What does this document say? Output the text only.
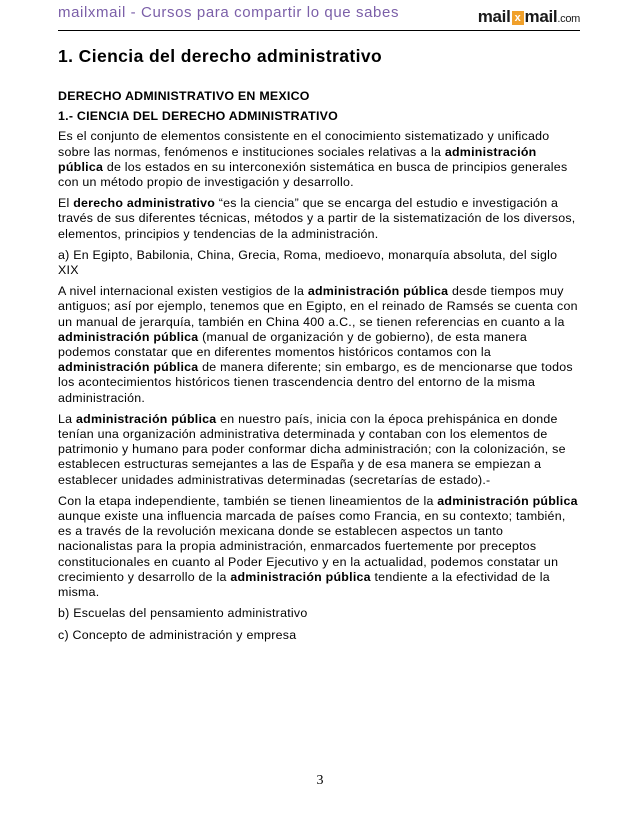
mailxmail - Cursos para compartir lo que sabes	mail x mail.com
1. Ciencia del derecho administrativo

DERECHO ADMINISTRATIVO EN MEXICO

1.- CIENCIA DEL DERECHO ADMINISTRATIVO

Es el conjunto de elementos consistente en el conocimiento sistematizado y unificado sobre las normas, fenómenos e instituciones sociales relativas a la administración pública de los estados en su interconexión sistemática en busca de principios generales con un método propio de investigación y desarrollo.

El derecho administrativo “es la ciencia” que se encarga del estudio e investigación a través de sus diferentes técnicas, métodos y a partir de la sistematización de los diversos, elementos, principios y tendencias de la administración.

a) En Egipto, Babilonia, China, Grecia, Roma, medioevo, monarquía absoluta, del siglo XIX

A nivel internacional existen vestigios de la administración pública desde tiempos muy antiguos; así por ejemplo, tenemos que en Egipto, en el reinado de Ramsés se cuenta con un manual de jerarquía, también en China 400 a.C., se tienen referencias en cuanto a la administración pública (manual de organización y de gobierno), de esta manera podemos constatar que en diferentes momentos históricos contamos con la administración pública de manera diferente; sin embargo, es de mencionarse que todos los acontecimientos históricos tienen trascendencia dentro del entorno de la misma administración.

La administración pública en nuestro país, inicia con la época prehispánica en donde tenían una organización administrativa determinada y contaban con los elementos de patrimonio y humano para poder conformar dicha administración; con la colonización, se establecen estructuras semejantes a las de España y de esa manera se empiezan a establecer unidades administrativas determinadas (secretarías de estado).-

Con la etapa independiente, también se tienen lineamientos de la administración pública aunque existe una influencia marcada de países como Francia, en su contexto; también, es a través de la revolución mexicana donde se establecen aspectos un tanto nacionalistas para la propia administración, enmarcados fuertemente por preceptos constitucionales en cuanto al Poder Ejecutivo y en la actualidad, podemos constatar un crecimiento y desarrollo de la administración pública tendiente a la efectividad de la misma.

b) Escuelas del pensamiento administrativo

c) Concepto de administración y empresa

3
